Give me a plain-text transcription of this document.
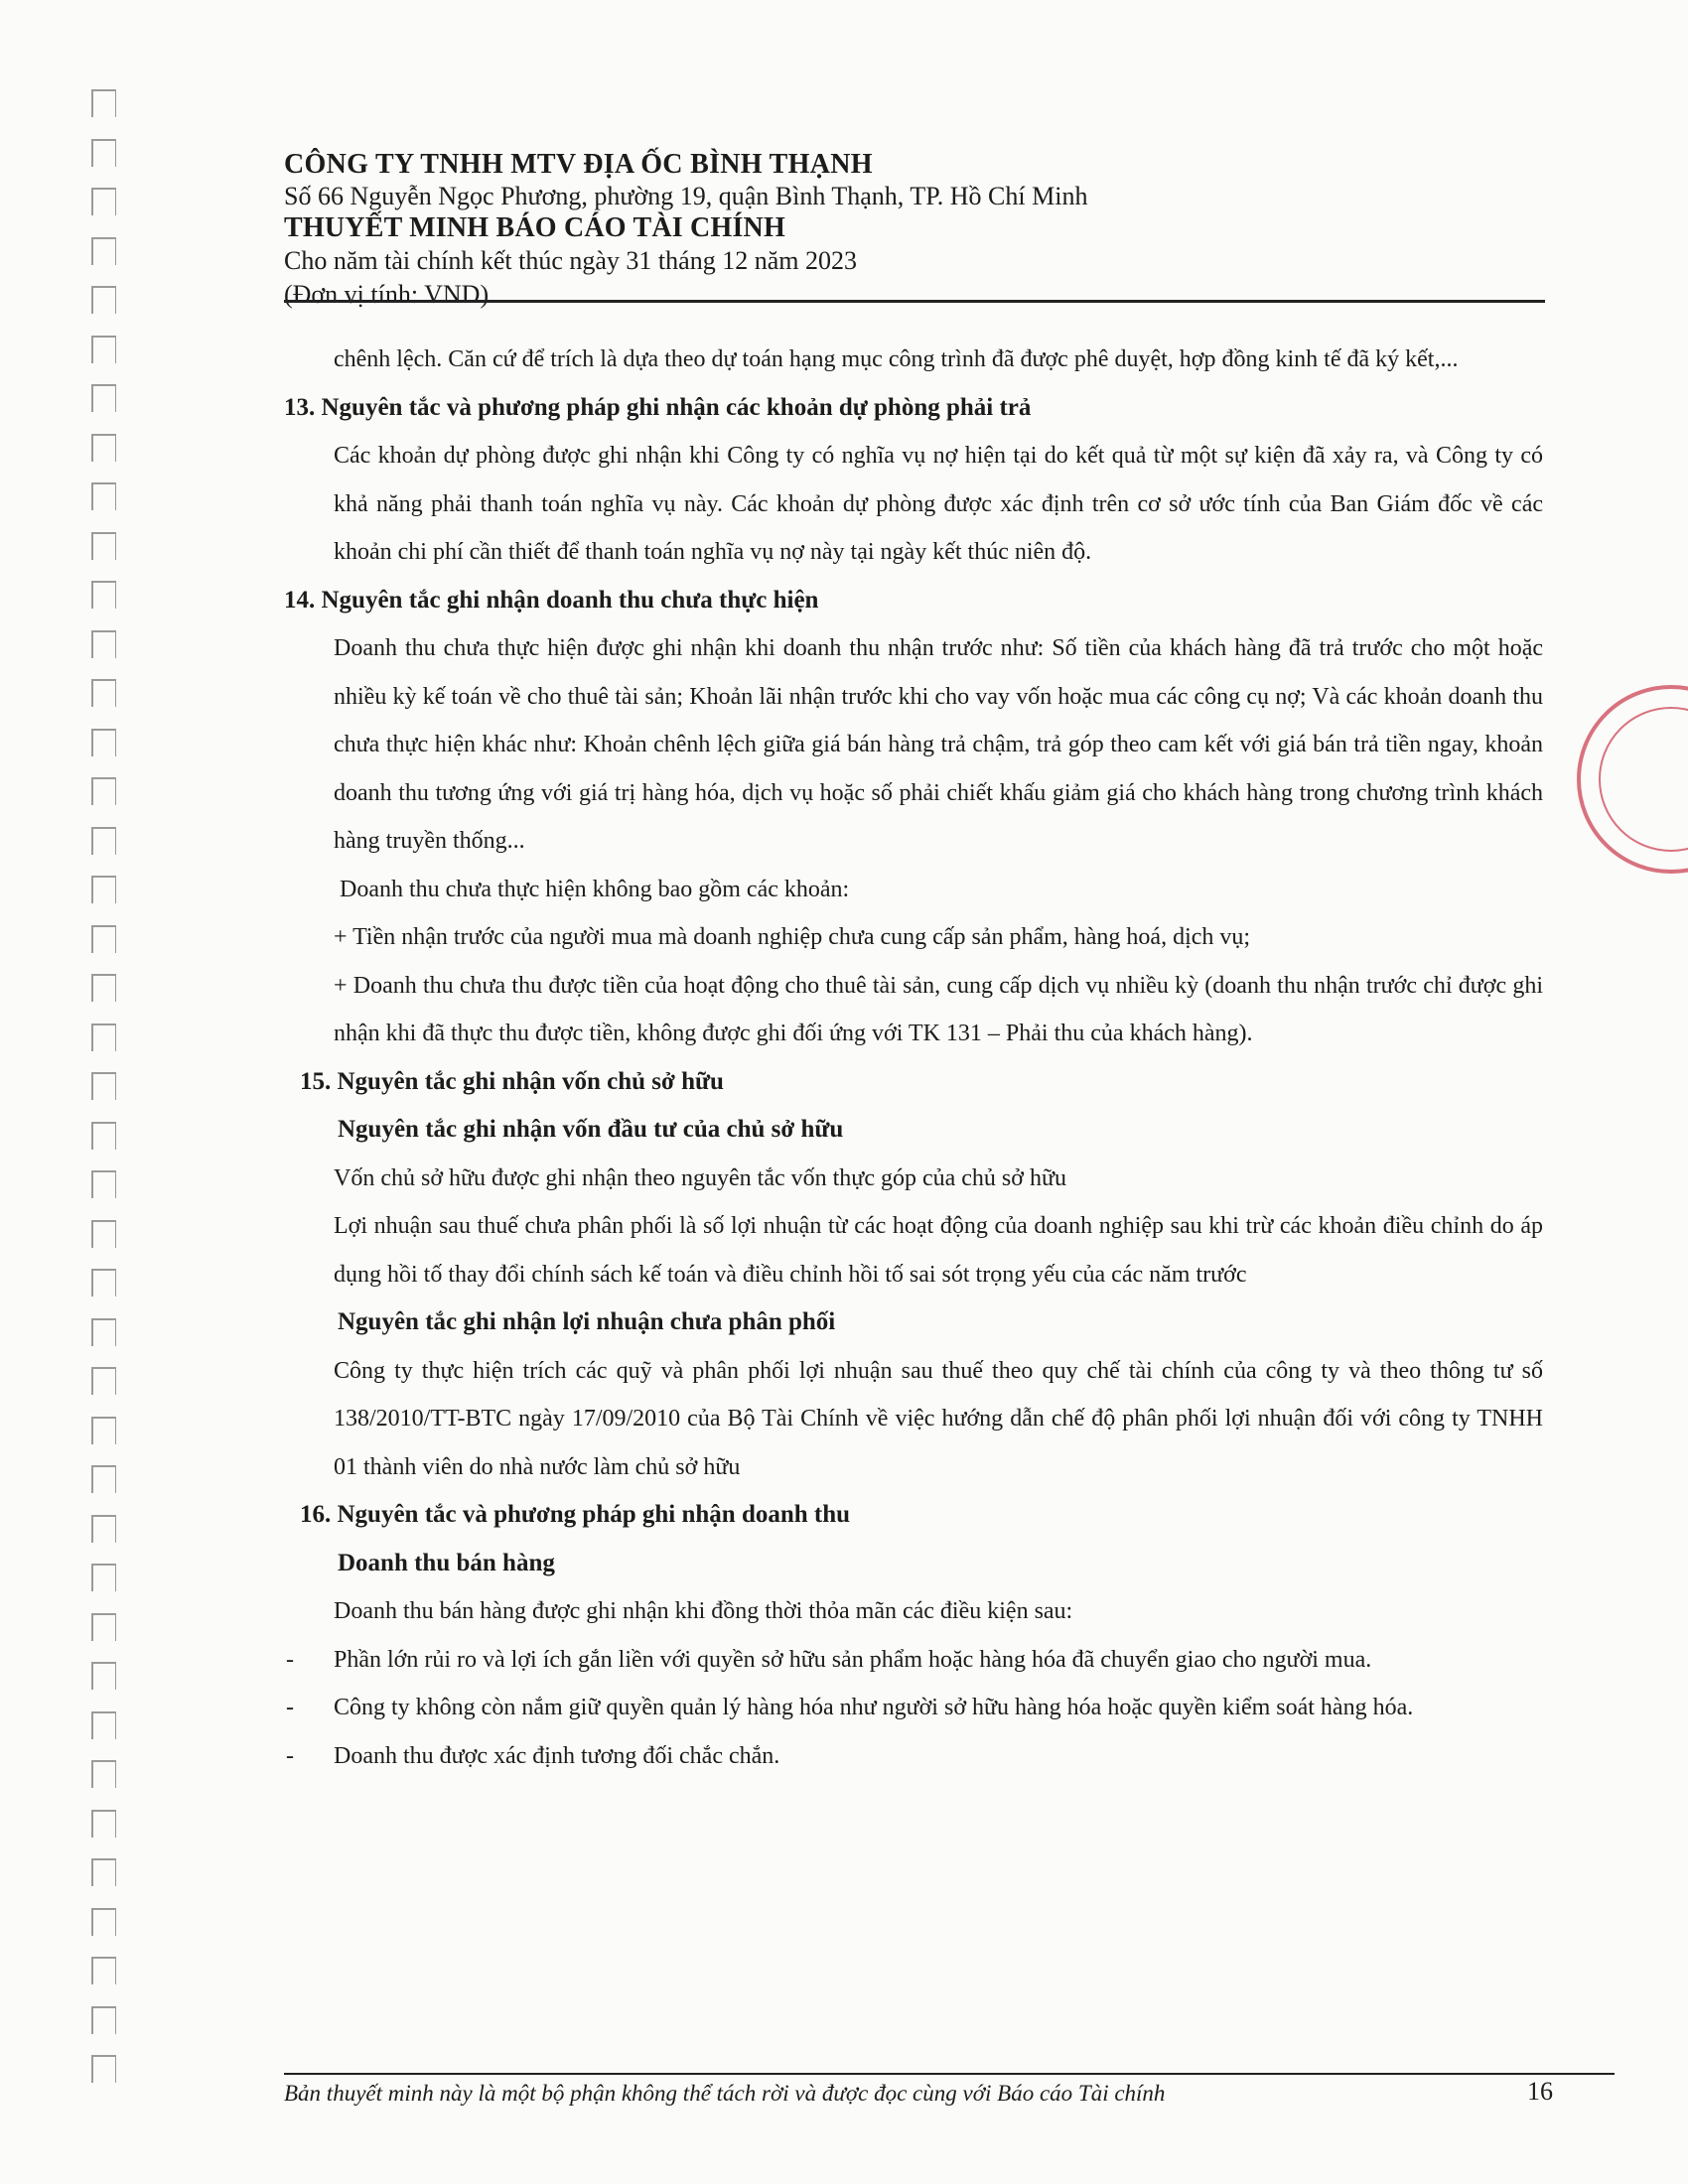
CÔNG TY TNHH MTV ĐỊA ỐC BÌNH THẠNH
Số 66 Nguyễn Ngọc Phương, phường 19, quận Bình Thạnh, TP. Hồ Chí Minh
THUYẾT MINH BÁO CÁO TÀI CHÍNH
Cho năm tài chính kết thúc ngày 31 tháng 12 năm 2023
(Đơn vị tính: VND)

chênh lệch. Căn cứ để trích là dựa theo dự toán hạng mục công trình đã được phê duyệt, hợp đồng kinh tế đã ký kết,...

13. Nguyên tắc và phương pháp ghi nhận các khoản dự phòng phải trả

Các khoản dự phòng được ghi nhận khi Công ty có nghĩa vụ nợ hiện tại do kết quả từ một sự kiện đã xảy ra, và Công ty có khả năng phải thanh toán nghĩa vụ này. Các khoản dự phòng được xác định trên cơ sở ước tính của Ban Giám đốc về các khoản chi phí cần thiết để thanh toán nghĩa vụ nợ này tại ngày kết thúc niên độ.

14. Nguyên tắc ghi nhận doanh thu chưa thực hiện

Doanh thu chưa thực hiện được ghi nhận khi doanh thu nhận trước như: Số tiền của khách hàng đã trả trước cho một hoặc nhiều kỳ kế toán về cho thuê tài sản; Khoản lãi nhận trước khi cho vay vốn hoặc mua các công cụ nợ; Và các khoản doanh thu chưa thực hiện khác như: Khoản chênh lệch giữa giá bán hàng trả chậm, trả góp theo cam kết với giá bán trả tiền ngay, khoản doanh thu tương ứng với giá trị hàng hóa, dịch vụ hoặc số phải chiết khấu giảm giá cho khách hàng trong chương trình khách hàng truyền thống...

Doanh thu chưa thực hiện không bao gồm các khoản:

+ Tiền nhận trước của người mua mà doanh nghiệp chưa cung cấp sản phẩm, hàng hoá, dịch vụ;

+ Doanh thu chưa thu được tiền của hoạt động cho thuê tài sản, cung cấp dịch vụ nhiều kỳ (doanh thu nhận trước chỉ được ghi nhận khi đã thực thu được tiền, không được ghi đối ứng với TK 131 – Phải thu của khách hàng).

15. Nguyên tắc ghi nhận vốn chủ sở hữu

Nguyên tắc ghi nhận vốn đầu tư của chủ sở hữu

Vốn chủ sở hữu được ghi nhận theo nguyên tắc vốn thực góp của chủ sở hữu

Lợi nhuận sau thuế chưa phân phối là số lợi nhuận từ các hoạt động của doanh nghiệp sau khi trừ các khoản điều chỉnh do áp dụng hồi tố thay đổi chính sách kế toán và điều chỉnh hồi tố sai sót trọng yếu của các năm trước

Nguyên tắc ghi nhận lợi nhuận chưa phân phối

Công ty thực hiện trích các quỹ và phân phối lợi nhuận sau thuế theo quy chế tài chính của công ty và theo thông tư số 138/2010/TT-BTC ngày 17/09/2010 của Bộ Tài Chính về việc hướng dẫn chế độ phân phối lợi nhuận đối với công ty TNHH 01 thành viên do nhà nước làm chủ sở hữu

16. Nguyên tắc và phương pháp ghi nhận doanh thu

Doanh thu bán hàng

Doanh thu bán hàng được ghi nhận khi đồng thời thỏa mãn các điều kiện sau:

- Phần lớn rủi ro và lợi ích gắn liền với quyền sở hữu sản phẩm hoặc hàng hóa đã chuyển giao cho người mua.

- Công ty không còn nắm giữ quyền quản lý hàng hóa như người sở hữu hàng hóa hoặc quyền kiểm soát hàng hóa.

- Doanh thu được xác định tương đối chắc chắn.

Bản thuyết minh này là một bộ phận không thể tách rời và được đọc cùng với Báo cáo Tài chính	16
